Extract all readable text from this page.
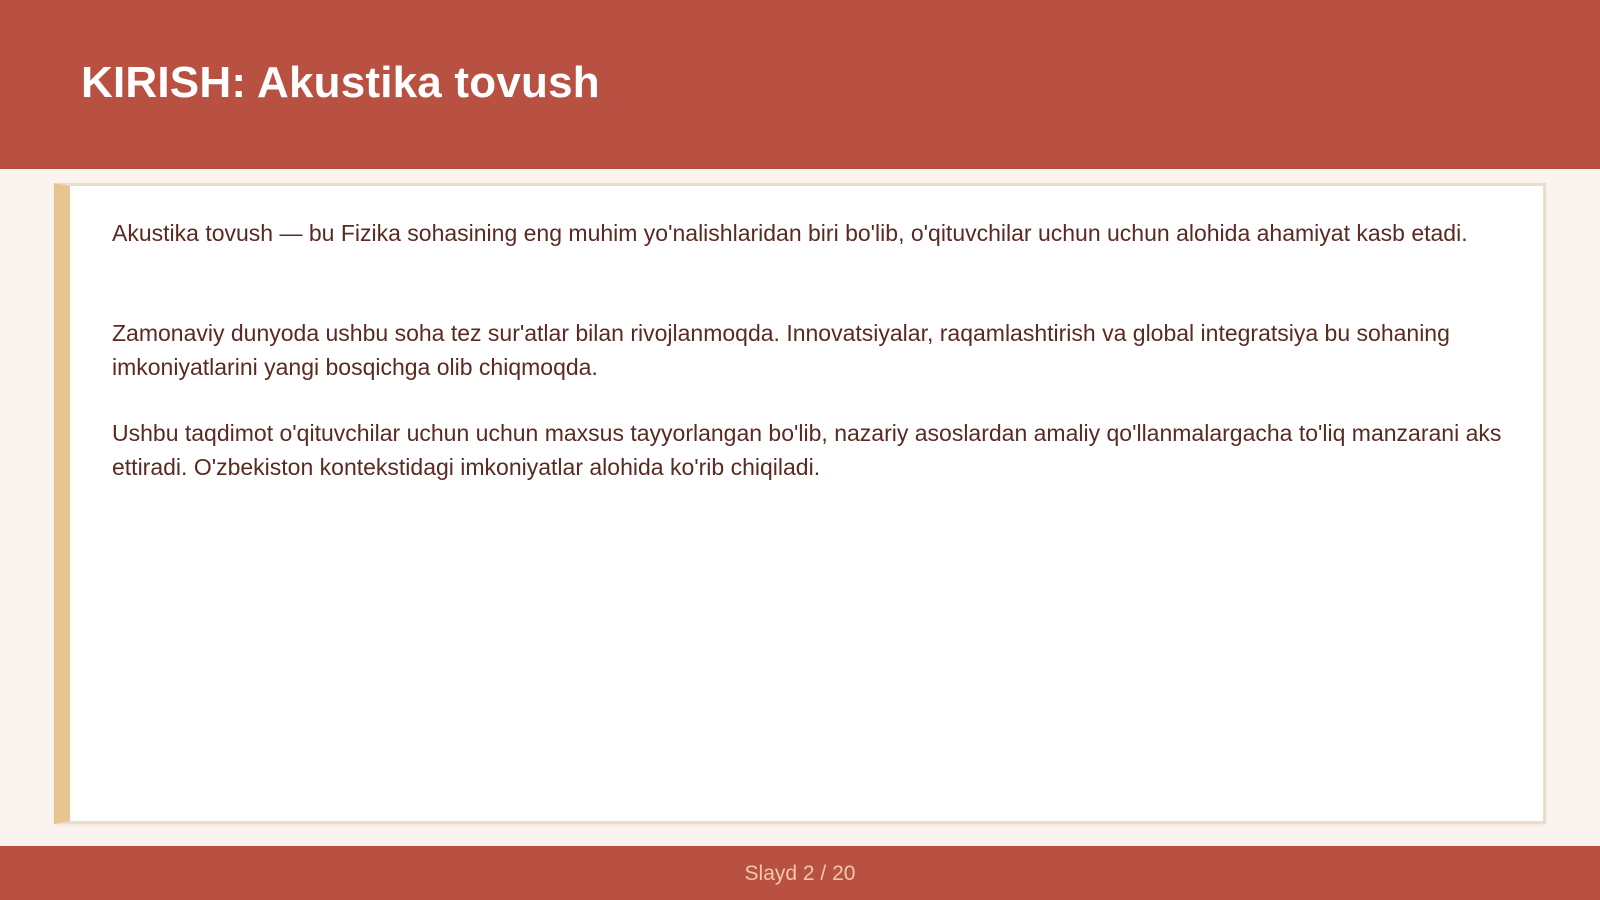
KIRISH: Akustika tovush

Akustika tovush — bu Fizika sohasining eng muhim yo'nalishlaridan biri bo'lib, o'qituvchilar uchun uchun alohida ahamiyat kasb etadi.

Zamonaviy dunyoda ushbu soha tez sur'atlar bilan rivojlanmoqda. Innovatsiyalar, raqamlashtirish va global integratsiya bu sohaning imkoniyatlarini yangi bosqichga olib chiqmoqda.

Ushbu taqdimot o'qituvchilar uchun uchun maxsus tayyorlangan bo'lib, nazariy asoslardan amaliy qo'llanmalargacha to'liq manzarani aks ettiradi. O'zbekiston kontekstidagi imkoniyatlar alohida ko'rib chiqiladi.

Slayd 2 / 20
